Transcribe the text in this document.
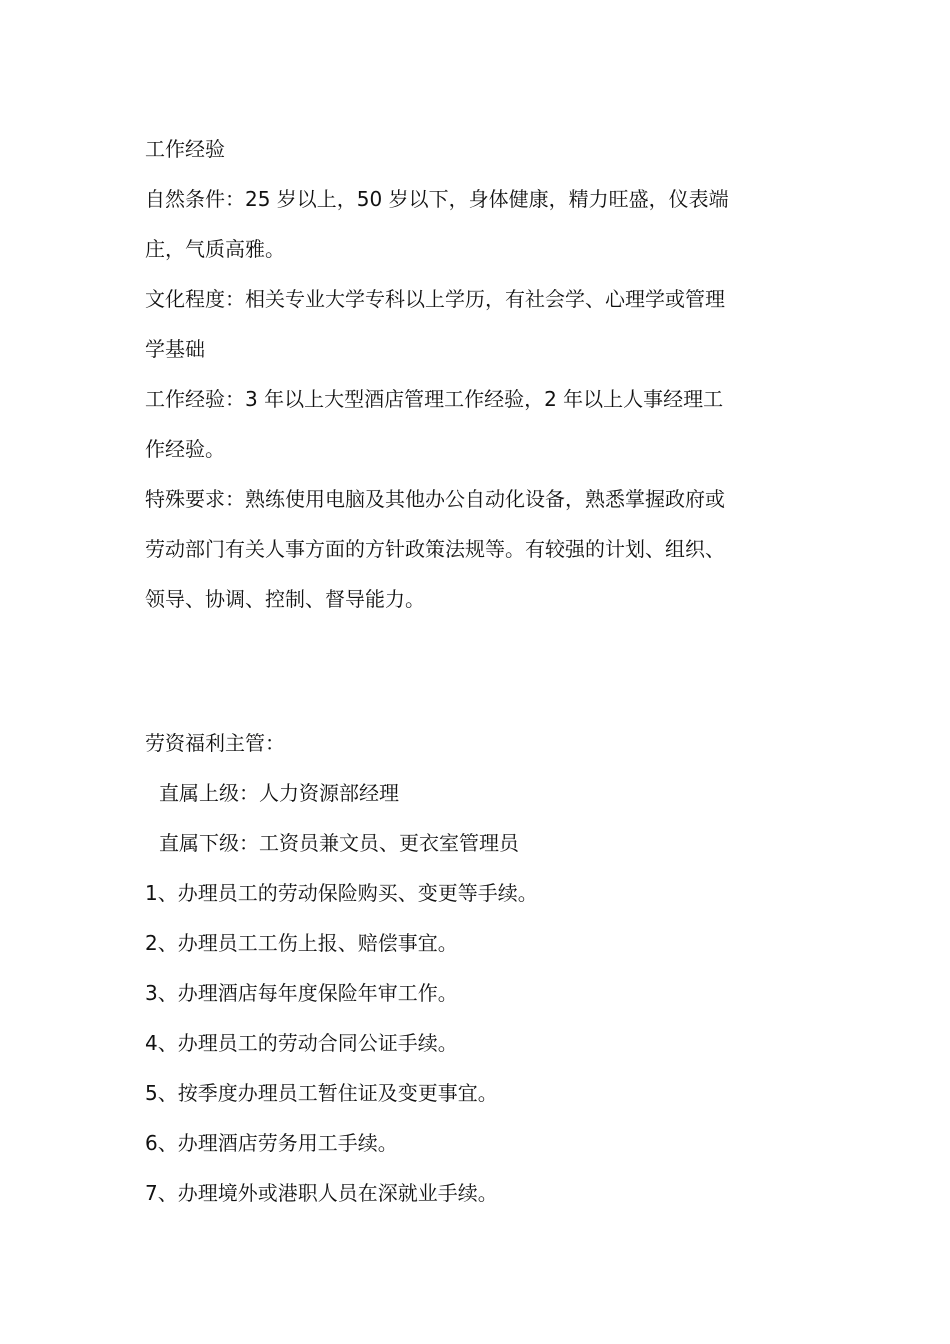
工作经验

自然条件：25 岁以上，50 岁以下，身体健康，精力旺盛，仪表端

庄，气质高雅。

文化程度：相关专业大学专科以上学历，有社会学、心理学或管理

学基础

工作经验：3 年以上大型酒店管理工作经验，2 年以上人事经理工

作经验。

特殊要求：熟练使用电脑及其他办公自动化设备，熟悉掌握政府或

劳动部门有关人事方面的方针政策法规等。有较强的计划、组织、

领导、协调、控制、督导能力。

劳资福利主管：

直属上级：人力资源部经理

直属下级：工资员兼文员、更衣室管理员

1、办理员工的劳动保险购买、变更等手续。

2、办理员工工伤上报、赔偿事宜。

3、办理酒店每年度保险年审工作。

4、办理员工的劳动合同公证手续。

5、按季度办理员工暂住证及变更事宜。

6、办理酒店劳务用工手续。

7、办理境外或港职人员在深就业手续。
